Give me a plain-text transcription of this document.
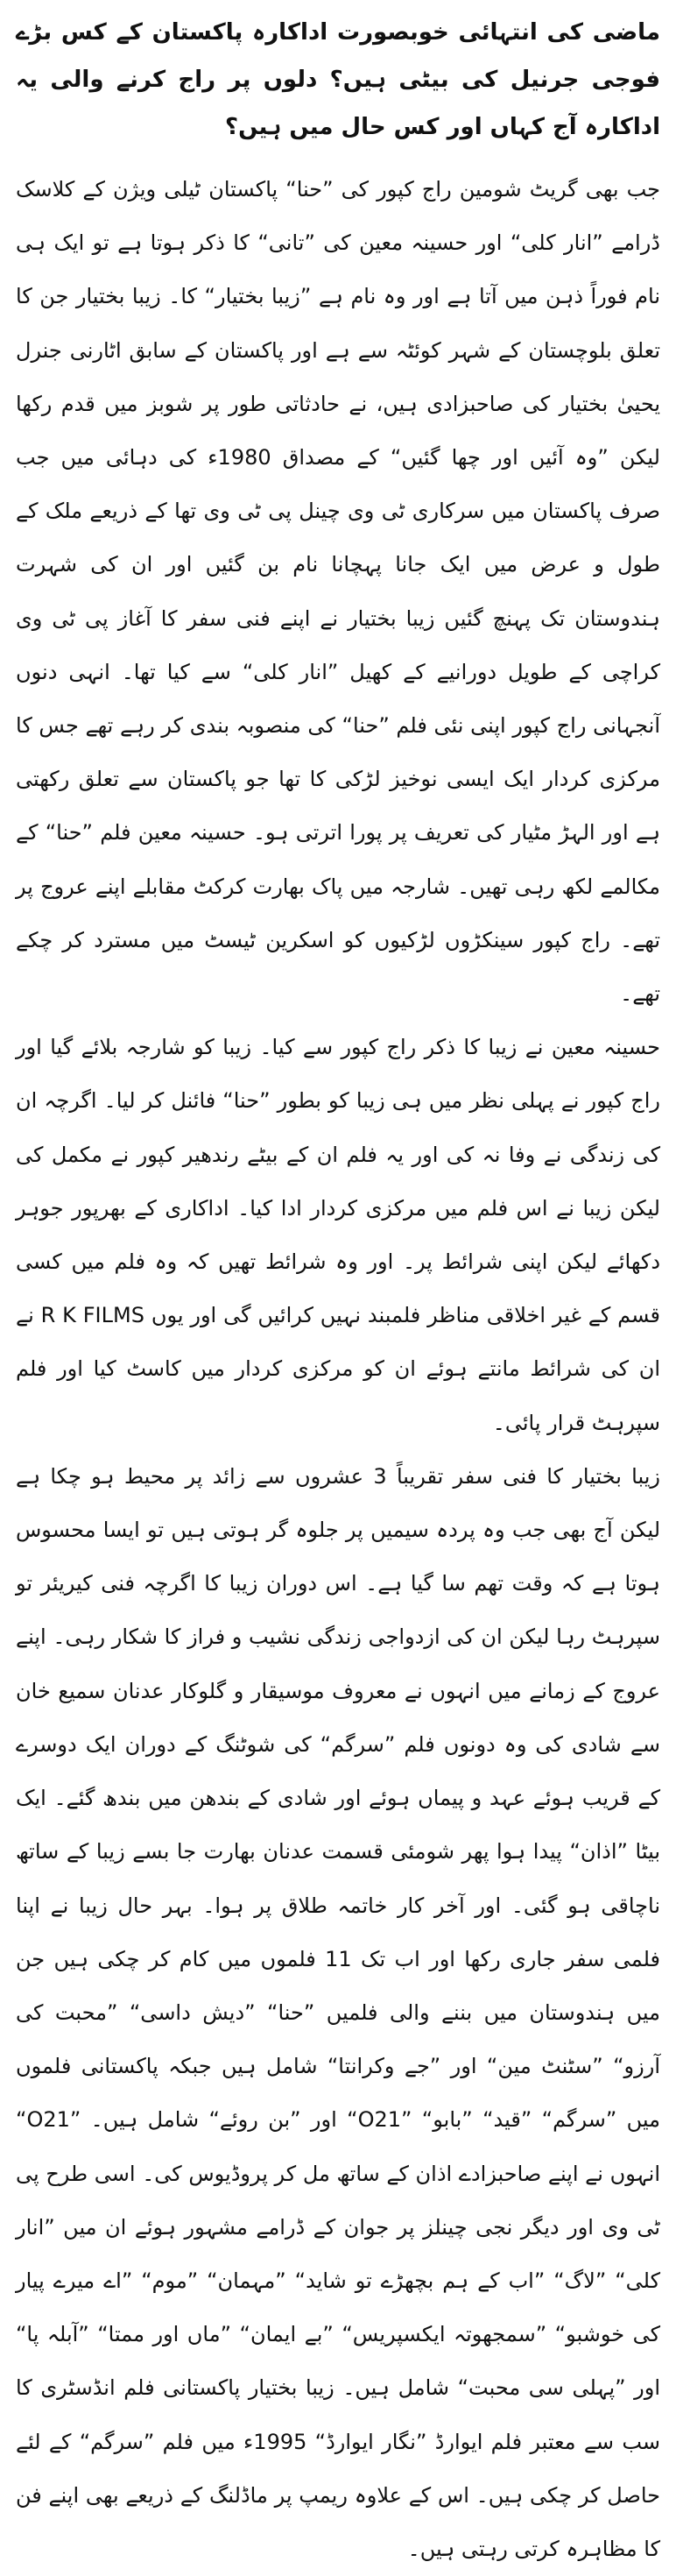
ماضی کی انتہائی خوبصورت اداکارہ پاکستان کے کس بڑے فوجی جرنیل کی بیٹی ہیں؟ دلوں پر راج کرنے والی یہ اداکارہ آج کہاں اور کس حال میں ہیں؟

جب بھی گریٹ شومین راج کپور کی ”حنا“ پاکستان ٹیلی ویژن کے کلاسک ڈرامے ”انار کلی“ اور حسینہ معین کی ”تانی“ کا ذکر ہوتا ہے تو ایک ہی نام فوراً ذہن میں آتا ہے اور وہ نام ہے ”زیبا بختیار“ کا۔ زیبا بختیار جن کا تعلق بلوچستان کے شہر کوئٹہ سے ہے اور پاکستان کے سابق اٹارنی جنرل یحییٰ بختیار کی صاحبزادی ہیں، نے حادثاتی طور پر شوبز میں قدم رکھا لیکن ”وہ آئیں اور چھا گئیں“ کے مصداق 1980ء کی دہائی میں جب صرف پاکستان میں سرکاری ٹی وی چینل پی ٹی وی تھا کے ذریعے ملک کے طول و عرض میں ایک جانا پہچانا نام بن گئیں اور ان کی شہرت ہندوستان تک پہنچ گئیں زیبا بختیار نے اپنے فنی سفر کا آغاز پی ٹی وی کراچی کے طویل دورانیے کے کھیل ”انار کلی“ سے کیا تھا۔ انہی دنوں آنجہانی راج کپور اپنی نئی فلم ”حنا“ کی منصوبہ بندی کر رہے تھے جس کا مرکزی کردار ایک ایسی نوخیز لڑکی کا تھا جو پاکستان سے تعلق رکھتی ہے اور الہڑ مٹیار کی تعریف پر پورا اترتی ہو۔ حسینہ معین فلم ”حنا“ کے مکالمے لکھ رہی تھیں۔ شارجہ میں پاک بھارت کرکٹ مقابلے اپنے عروج پر تھے۔ راج کپور سینکڑوں لڑکیوں کو اسکرین ٹیسٹ میں مسترد کر چکے تھے۔

حسینہ معین نے زیبا کا ذکر راج کپور سے کیا۔ زیبا کو شارجہ بلائے گیا اور راج کپور نے پہلی نظر میں ہی زیبا کو بطور ”حنا“ فائنل کر لیا۔ اگرچہ ان کی زندگی نے وفا نہ کی اور یہ فلم ان کے بیٹے رندھیر کپور نے مکمل کی لیکن زیبا نے اس فلم میں مرکزی کردار ادا کیا۔ اداکاری کے بھرپور جوہر دکھائے لیکن اپنی شرائط پر۔ اور وہ شرائط تھیں کہ وہ فلم میں کسی قسم کے غیر اخلاقی مناظر فلمبند نہیں کرائیں گی اور یوں R K FILMS نے ان کی شرائط مانتے ہوئے ان کو مرکزی کردار میں کاسٹ کیا اور فلم سپرہٹ قرار پائی۔

زیبا بختیار کا فنی سفر تقریباً 3 عشروں سے زائد پر محیط ہو چکا ہے لیکن آج بھی جب وہ پردہ سیمیں پر جلوہ گر ہوتی ہیں تو ایسا محسوس ہوتا ہے کہ وقت تھم سا گیا ہے۔ اس دوران زیبا کا اگرچہ فنی کیریئر تو سپرہٹ رہا لیکن ان کی ازدواجی زندگی نشیب و فراز کا شکار رہی۔ اپنے عروج کے زمانے میں انہوں نے معروف موسیقار و گلوکار عدنان سمیع خان سے شادی کی وہ دونوں فلم ”سرگم“ کی شوٹنگ کے دوران ایک دوسرے کے قریب ہوئے عہد و پیماں ہوئے اور شادی کے بندھن میں بندھ گئے۔ ایک بیٹا ”اذان“ پیدا ہوا پھر شومئی قسمت عدنان بھارت جا بسے زیبا کے ساتھ ناچاقی ہو گئی۔ اور آخر کار خاتمہ طلاق پر ہوا۔ بہر حال زیبا نے اپنا فلمی سفر جاری رکھا اور اب تک 11 فلموں میں کام کر چکی ہیں جن میں ہندوستان میں بننے والی فلمیں ”حنا“ ”دیش داسی“ ”محبت کی آرزو“ ”سٹنٹ مین“ اور ”جے وکرانتا“ شامل ہیں جبکہ پاکستانی فلموں میں ”سرگم“ ”قید“ ”بابو“ ”O21“ اور ”بن روئے“ شامل ہیں۔ ”O21“ انہوں نے اپنے صاحبزادے اذان کے ساتھ مل کر پروڈیوس کی۔ اسی طرح پی ٹی وی اور دیگر نجی چینلز پر جوان کے ڈرامے مشہور ہوئے ان میں ”انار کلی“ ”لاگ“ ”اب کے ہم بچھڑے تو شاید“ ”مہمان“ ”موم“ ”اے میرے پیار کی خوشبو“ ”سمجھوتہ ایکسپریس“ ”بے ایمان“ ”ماں اور ممتا“ ”آبلہ پا“ اور ”پہلی سی محبت“ شامل ہیں۔ زیبا بختیار پاکستانی فلم انڈسٹری کا سب سے معتبر فلم ایوارڈ ”نگار ایوارڈ“ 1995ء میں فلم ”سرگم“ کے لئے حاصل کر چکی ہیں۔ اس کے علاوہ ریمپ پر ماڈلنگ کے ذریعے بھی اپنے فن کا مظاہرہ کرتی رہتی ہیں۔
